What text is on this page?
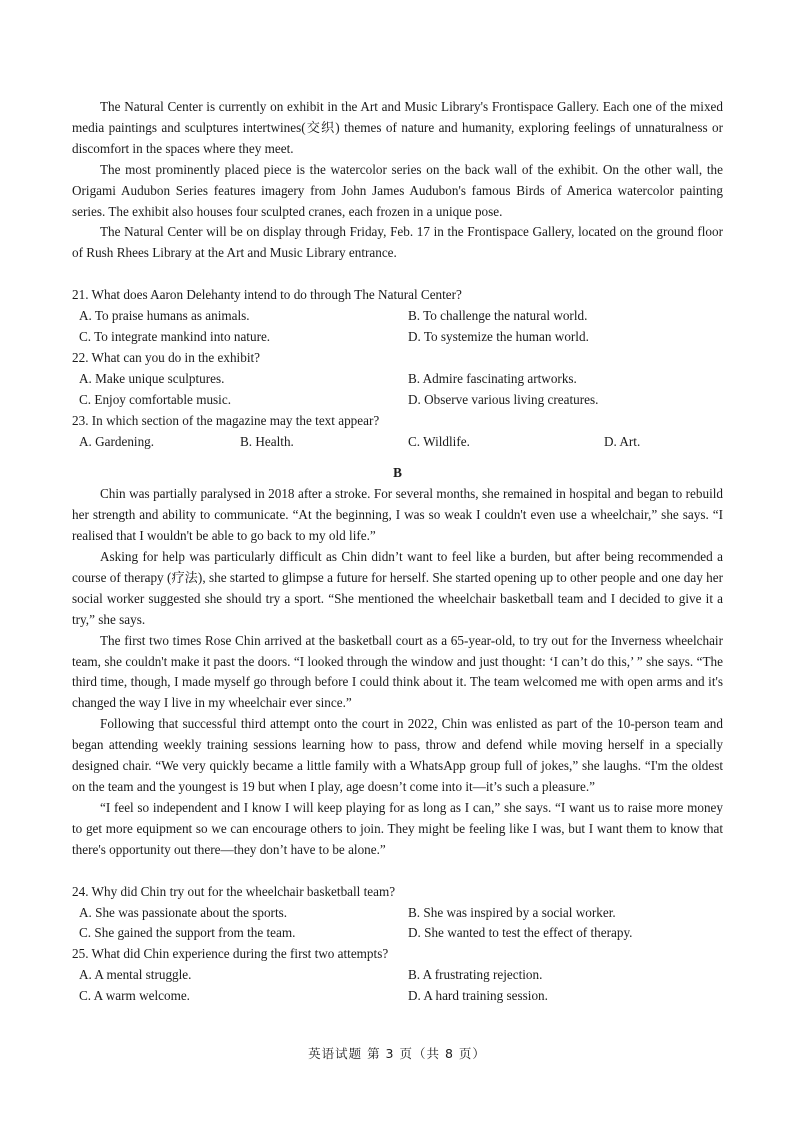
The Natural Center is currently on exhibit in the Art and Music Library's Frontispace Gallery. Each one of the mixed media paintings and sculptures intertwines(交织) themes of nature and humanity, exploring feelings of unnaturalness or discomfort in the spaces where they meet.

The most prominently placed piece is the watercolor series on the back wall of the exhibit. On the other wall, the Origami Audubon Series features imagery from John James Audubon's famous Birds of America watercolor painting series. The exhibit also houses four sculpted cranes, each frozen in a unique pose.

The Natural Center will be on display through Friday, Feb. 17 in the Frontispace Gallery, located on the ground floor of Rush Rhees Library at the Art and Music Library entrance.

21. What does Aaron Delehanty intend to do through The Natural Center?

A. To praise humans as animals.	B. To challenge the natural world.
C. To integrate mankind into nature.	D. To systemize the human world.

22. What can you do in the exhibit?

A. Make unique sculptures.	B. Admire fascinating artworks.
C. Enjoy comfortable music.	D. Observe various living creatures.

23. In which section of the magazine may the text appear?

A. Gardening.	B. Health.	C. Wildlife.	D. Art.

B

Chin was partially paralysed in 2018 after a stroke. For several months, she remained in hospital and began to rebuild her strength and ability to communicate. “At the beginning, I was so weak I couldn't even use a wheelchair,” she says. “I realised that I wouldn't be able to go back to my old life.”

Asking for help was particularly difficult as Chin didn’t want to feel like a burden, but after being recommended a course of therapy (疗法), she started to glimpse a future for herself. She started opening up to other people and one day her social worker suggested she should try a sport. “She mentioned the wheelchair basketball team and I decided to give it a try,” she says.

The first two times Rose Chin arrived at the basketball court as a 65-year-old, to try out for the Inverness wheelchair team, she couldn't make it past the doors. “I looked through the window and just thought: ‘I can’t do this,’ ” she says. “The third time, though, I made myself go through before I could think about it. The team welcomed me with open arms and it's changed the way I live in my wheelchair ever since.”

Following that successful third attempt onto the court in 2022, Chin was enlisted as part of the 10-person team and began attending weekly training sessions learning how to pass, throw and defend while moving herself in a specially designed chair. “We very quickly became a little family with a WhatsApp group full of jokes,” she laughs. “I'm the oldest on the team and the youngest is 19 but when I play, age doesn’t come into it—it’s such a pleasure.”

“I feel so independent and I know I will keep playing for as long as I can,” she says. “I want us to raise more money to get more equipment so we can encourage others to join. They might be feeling like I was, but I want them to know that there's opportunity out there—they don’t have to be alone.”

24. Why did Chin try out for the wheelchair basketball team?

A. She was passionate about the sports.	B. She was inspired by a social worker.
C. She gained the support from the team.	D. She wanted to test the effect of therapy.

25. What did Chin experience during the first two attempts?

A. A mental struggle.	B. A frustrating rejection.
C. A warm welcome.	D. A hard training session.
英语试题 第 3 页（共 8 页）
